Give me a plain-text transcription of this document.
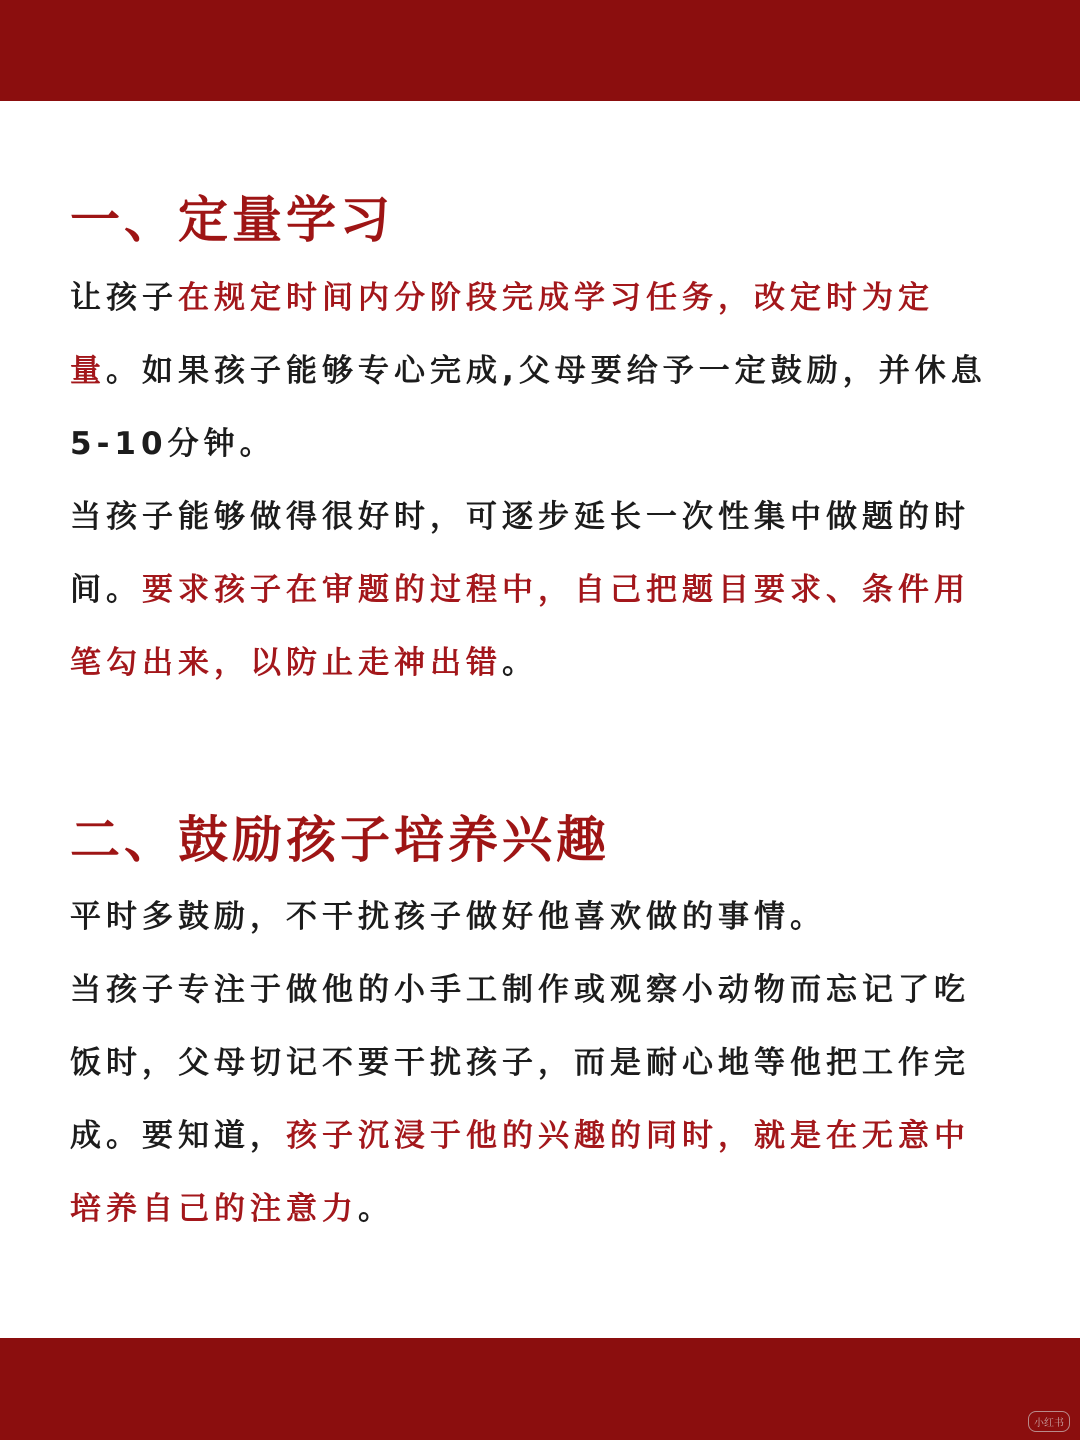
一、定量学习

让孩子在规定时间内分阶段完成学习任务，改定时为定量。如果孩子能够专心完成,父母要给予一定鼓励，并休息5-10分钟。

当孩子能够做得很好时，可逐步延长一次性集中做题的时间。要求孩子在审题的过程中，自己把题目要求、条件用笔勾出来，以防止走神出错。

二、鼓励孩子培养兴趣

平时多鼓励，不干扰孩子做好他喜欢做的事情。

当孩子专注于做他的小手工制作或观察小动物而忘记了吃饭时，父母切记不要干扰孩子，而是耐心地等他把工作完成。要知道，孩子沉浸于他的兴趣的同时，就是在无意中培养自己的注意力。

小红书
